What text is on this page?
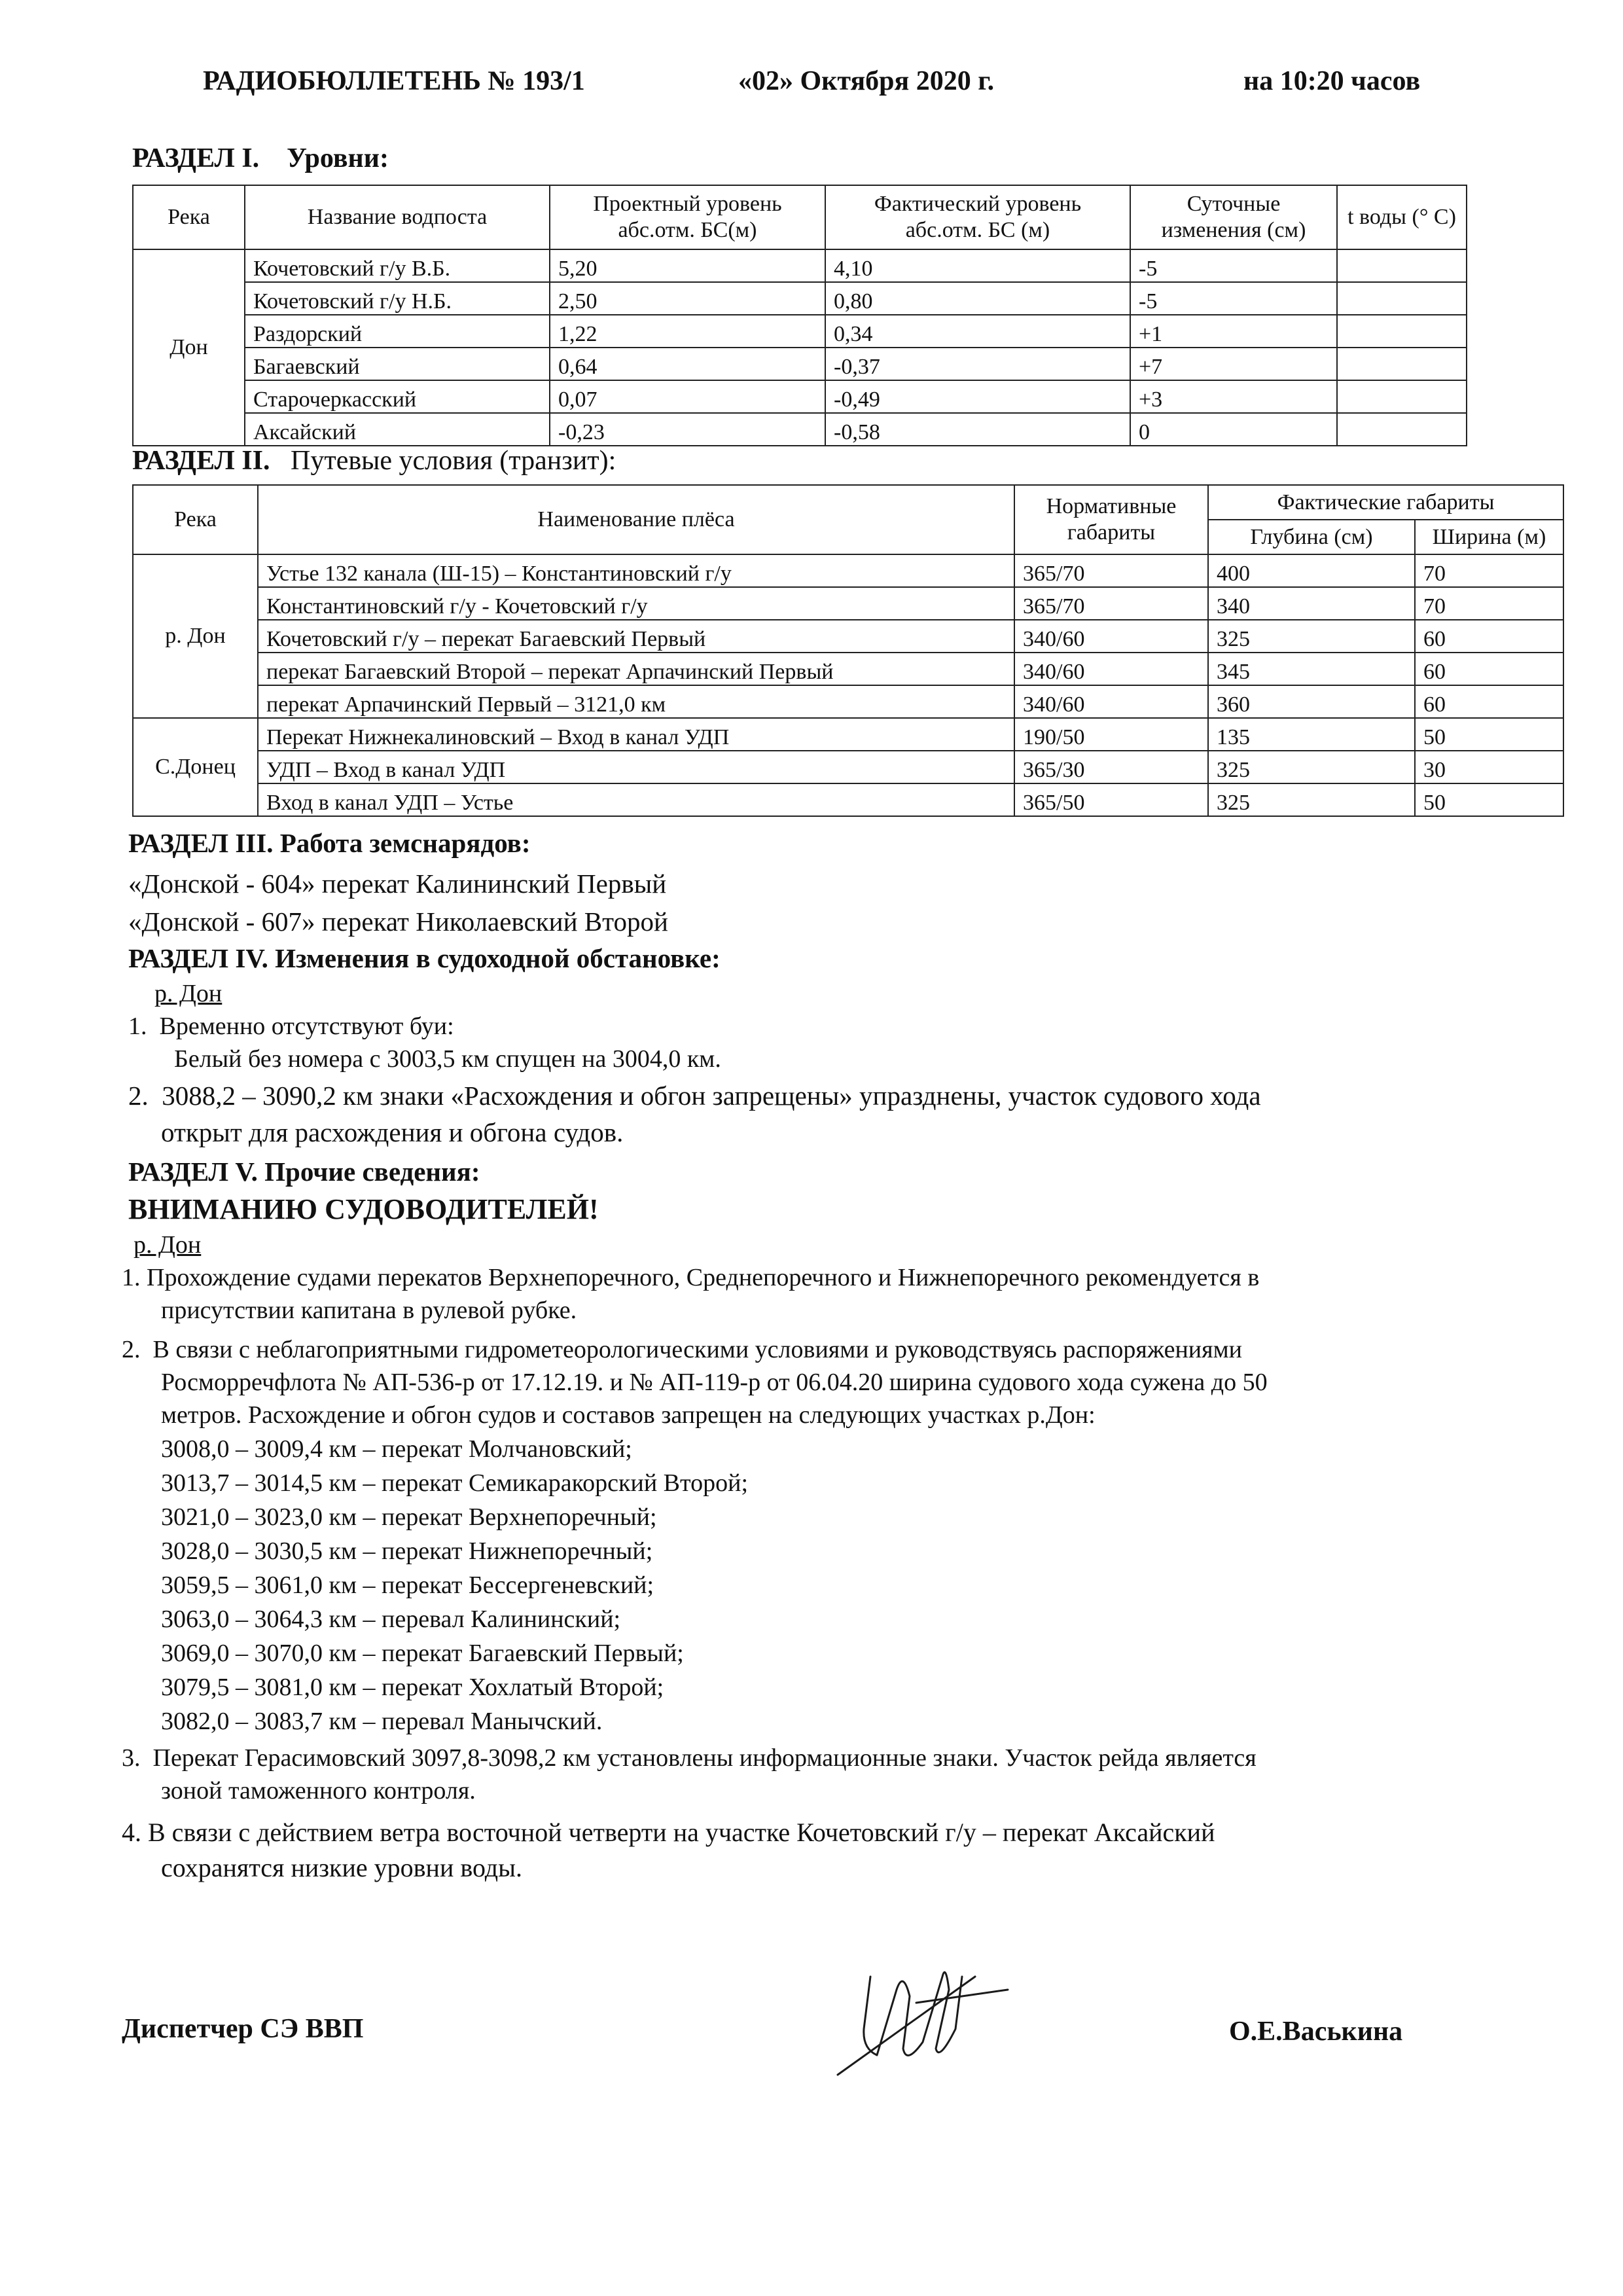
РАДИОБЮЛЛЕТЕНЬ № 193/1	«02» Октября 2020 г.	на 10:20 часов
РАЗДЕЛ I. Уровни:
Река	Название водпоста	Проектный уровень абс.отм. БС(м)	Фактический уровень абс.отм. БС (м)	Суточные изменения (см)	t воды (° С)
Дон	Кочетовский г/у В.Б.	5,20	4,10	-5	
	Кочетовский г/у Н.Б.	2,50	0,80	-5	
	Раздорский	1,22	0,34	+1	
	Багаевский	0,64	-0,37	+7	
	Старочеркасский	0,07	-0,49	+3	
	Аксайский	-0,23	-0,58	0	
РАЗДЕЛ II. Путевые условия (транзит):
Река	Наименование плёса	Нормативные габариты	Фактические габариты	
			Глубина (см)	Ширина (м)
р. Дон	Устье 132 канала (Ш-15) – Константиновский г/у	365/70	400	70
	Константиновский г/у - Кочетовский г/у	365/70	340	70
	Кочетовский г/у – перекат Багаевский Первый	340/60	325	60
	перекат Багаевский Второй – перекат Арпачинский Первый	340/60	345	60
	перекат Арпачинский Первый – 3121,0 км	340/60	360	60
С.Донец	Перекат Нижнекалиновский – Вход в канал УДП	190/50	135	50
	УДП – Вход в канал УДП	365/30	325	30
	Вход в канал УДП – Устье	365/50	325	50
РАЗДЕЛ III. Работа земснарядов:
«Донской - 604» перекат Калининский Первый
«Донской - 607» перекат Николаевский Второй
РАЗДЕЛ IV. Изменения в судоходной обстановке:
р. Дон
1. Временно отсутствуют буи:
Белый без номера с 3003,5 км спущен на 3004,0 км.
2. 3088,2 – 3090,2 км знаки «Расхождения и обгон запрещены» упразднены, участок судового хода
открыт для расхождения и обгона судов.
РАЗДЕЛ V. Прочие сведения:
ВНИМАНИЮ СУДОВОДИТЕЛЕЙ!
р. Дон
1. Прохождение судами перекатов Верхнепоречного, Среднепоречного и Нижнепоречного рекомендуется в
присутствии капитана в рулевой рубке.
2. В связи с неблагоприятными гидрометеорологическими условиями и руководствуясь распоряжениями
Росморречфлота № АП-536-р от 17.12.19. и № АП-119-р от 06.04.20 ширина судового хода сужена до 50
метров. Расхождение и обгон судов и составов запрещен на следующих участках р.Дон:
3008,0 – 3009,4 км – перекат Молчановский;
3013,7 – 3014,5 км – перекат Семикаракорский Второй;
3021,0 – 3023,0 км – перекат Верхнепоречный;
3028,0 – 3030,5 км – перекат Нижнепоречный;
3059,5 – 3061,0 км – перекат Бессергеневский;
3063,0 – 3064,3 км – перевал Калининский;
3069,0 – 3070,0 км – перекат Багаевский Первый;
3079,5 – 3081,0 км – перекат Хохлатый Второй;
3082,0 – 3083,7 км – перевал Манычский.
3. Перекат Герасимовский 3097,8-3098,2 км установлены информационные знаки. Участок рейда является
зоной таможенного контроля.
4. В связи с действием ветра восточной четверти на участке Кочетовский г/у – перекат Аксайский
сохранятся низкие уровни воды.
Диспетчер СЭ ВВП	О.Е.Васькина
